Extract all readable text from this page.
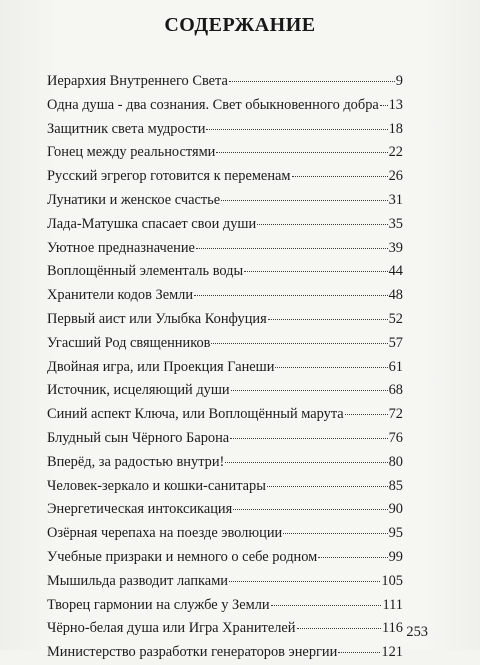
СОДЕРЖАНИЕ
Иерархия Внутреннего Света	9
Одна душа - два сознания. Свет обыкновенного добра 13
Защитник света мудрости	18
Гонец между реальностями	22
Русский эгрегор готовится к переменам	26
Лунатики и женское счастье	31
Лада-Матушка спасает свои души	35
Уютное предназначение	39
Воплощённый элементаль воды	44
Хранители кодов Земли	48
Первый аист или Улыбка Конфуция	52
Угасший Род священников	57
Двойная игра, или Проекция Ганеши	61
Источник, исцеляющий души	68
Синий аспект Ключа, или Воплощённый марута	72
Блудный сын Чёрного Барона	76
Вперёд, за радостью внутри!	80
Человек-зеркало и кошки-санитары	85
Энергетическая интоксикация	90
Озёрная черепаха на поезде эволюции	95
Учебные призраки и немного о себе родном	99
Мышильда разводит лапками	105
Творец гармонии на службе у Земли	111
Чёрно-белая душа или Игра Хранителей	116
Министерство разработки генераторов энергии	121
253
